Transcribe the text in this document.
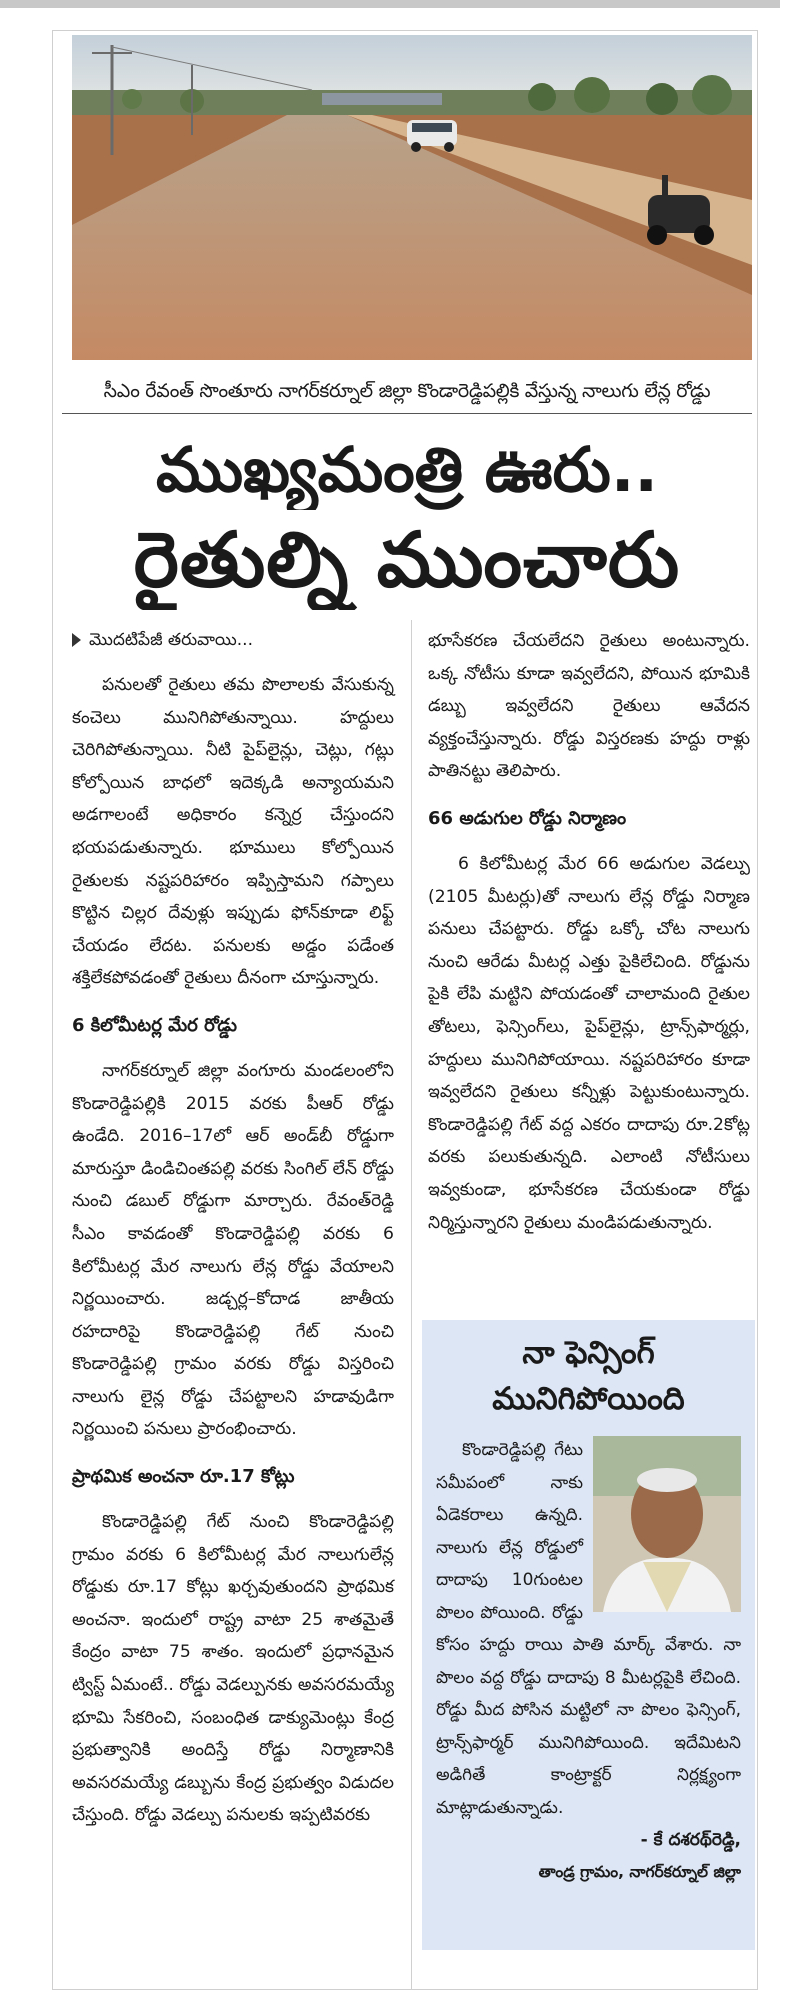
సీఎం రేవంత్ సొంతూరు నాగర్‌కర్నూల్ జిల్లా కొండారెడ్డిపల్లికి వేస్తున్న నాలుగు లేన్ల రోడ్డు
ముఖ్యమంత్రి ఊరు..
రైతుల్ని ముంచారు
మొదటిపేజీ తరువాయి...

పనులతో రైతులు తమ పొలాలకు వేసుకున్న కంచెలు మునిగిపోతున్నాయి. హద్దులు చెరిగిపోతున్నాయి. నీటి పైప్‌లైన్లు, చెట్లు, గట్లు కోల్పోయిన బాధలో ఇదెక్కడి అన్యాయమని అడగాలంటే అధికారం కన్నెర్ర చేస్తుందని భయపడుతున్నారు. భూములు కోల్పోయిన రైతులకు నష్టపరిహారం ఇప్పిస్తామని గప్పాలు కొట్టిన చిల్లర దేవుళ్లు ఇప్పుడు ఫోన్‌కూడా లిఫ్ట్ చేయడం లేదట. పనులకు అడ్డం పడేంత శక్తిలేకపోవడంతో రైతులు దీనంగా చూస్తున్నారు.

6 కిలోమీటర్ల మేర రోడ్డు

నాగర్‌కర్నూల్ జిల్లా వంగూరు మండలంలోని కొండారెడ్డిపల్లికి 2015 వరకు పీఆర్ రోడ్డు ఉండేది. 2016–17లో ఆర్ అండ్‌బీ రోడ్డుగా మారుస్తూ డిండిచింతపల్లి వరకు సింగిల్ లేన్ రోడ్డు నుంచి డబుల్ రోడ్డుగా మార్చారు. రేవంత్‌రెడ్డి సీఎం కావడంతో కొండారెడ్డిపల్లి వరకు 6 కిలోమీటర్ల మేర నాలుగు లేన్ల రోడ్డు వేయాలని నిర్ణయించారు. జడ్చర్ల–కోదాడ జాతీయ రహదారిపై కొండారెడ్డిపల్లి గేట్ నుంచి కొండారెడ్డిపల్లి గ్రామం వరకు రోడ్డు విస్తరించి నాలుగు లైన్ల రోడ్డు చేపట్టాలని హడావుడిగా నిర్ణయించి పనులు ప్రారంభించారు.

ప్రాథమిక అంచనా రూ.17 కోట్లు

కొండారెడ్డిపల్లి గేట్ నుంచి కొండారెడ్డిపల్లి గ్రామం వరకు 6 కిలోమీటర్ల మేర నాలుగులేన్ల రోడ్డుకు రూ.17 కోట్లు ఖర్చవుతుందని ప్రాథమిక అంచనా. ఇందులో రాష్ట్ర వాటా 25 శాతమైతే కేంద్రం వాటా 75 శాతం. ఇందులో ప్రధానమైన ట్విస్ట్ ఏమంటే.. రోడ్డు వెడల్పునకు అవసరమయ్యే భూమి సేకరించి, సంబంధిత డాక్యుమెంట్లు కేంద్ర ప్రభుత్వానికి అందిస్తే రోడ్డు నిర్మాణానికి అవసరమయ్యే డబ్బును కేంద్ర ప్రభుత్వం విడుదల చేస్తుంది. రోడ్డు వెడల్పు పనులకు ఇప్పటివరకు

భూసేకరణ చేయలేదని రైతులు అంటున్నారు. ఒక్క నోటీసు కూడా ఇవ్వలేదని, పోయిన భూమికి డబ్బు ఇవ్వలేదని రైతులు ఆవేదన వ్యక్తంచేస్తున్నారు. రోడ్డు విస్తరణకు హద్దు రాళ్లు పాతినట్టు తెలిపారు.

66 అడుగుల రోడ్డు నిర్మాణం

6 కిలోమీటర్ల మేర 66 అడుగుల వెడల్పు (2105 మీటర్లు)తో నాలుగు లేన్ల రోడ్డు నిర్మాణ పనులు చేపట్టారు. రోడ్డు ఒక్కో చోట నాలుగు నుంచి ఆరేడు మీటర్ల ఎత్తు పైకిలేచింది. రోడ్డును పైకి లేపి మట్టిని పోయడంతో చాలామంది రైతుల తోటలు, ఫెన్సింగ్‌లు, పైప్‌లైన్లు, ట్రాన్స్‌ఫార్మర్లు, హద్దులు మునిగిపోయాయి. నష్టపరిహారం కూడా ఇవ్వలేదని రైతులు కన్నీళ్లు పెట్టుకుంటున్నారు. కొండారెడ్డిపల్లి గేట్ వద్ద ఎకరం దాదాపు రూ.2కోట్ల వరకు పలుకుతున్నది. ఎలాంటి నోటీసులు ఇవ్వకుండా, భూసేకరణ చేయకుండా రోడ్డు నిర్మిస్తున్నారని రైతులు మండిపడుతున్నారు.

నా ఫెన్సింగ్
మునిగిపోయింది

కొండారెడ్డిపల్లి గేటు సమీపంలో నాకు ఏడెకరాలు ఉన్నది. నాలుగు లేన్ల రోడ్డులో దాదాపు 10గుంటల పొలం పోయింది. రోడ్డు కోసం హద్దు రాయి పాతి మార్క్ వేశారు. నా పొలం వద్ద రోడ్డు దాదాపు 8 మీటర్లపైకి లేచింది. రోడ్డు మీద పోసిన మట్టిలో నా పొలం ఫెన్సింగ్, ట్రాన్స్‌ఫార్మర్ మునిగిపోయింది. ఇదేమిటని అడిగితే కాంట్రాక్టర్ నిర్లక్ష్యంగా మాట్లాడుతున్నాడు.

- కే దశరథ్‌రెడ్డి,
తాండ్ర గ్రామం, నాగర్‌కర్నూల్ జిల్లా
